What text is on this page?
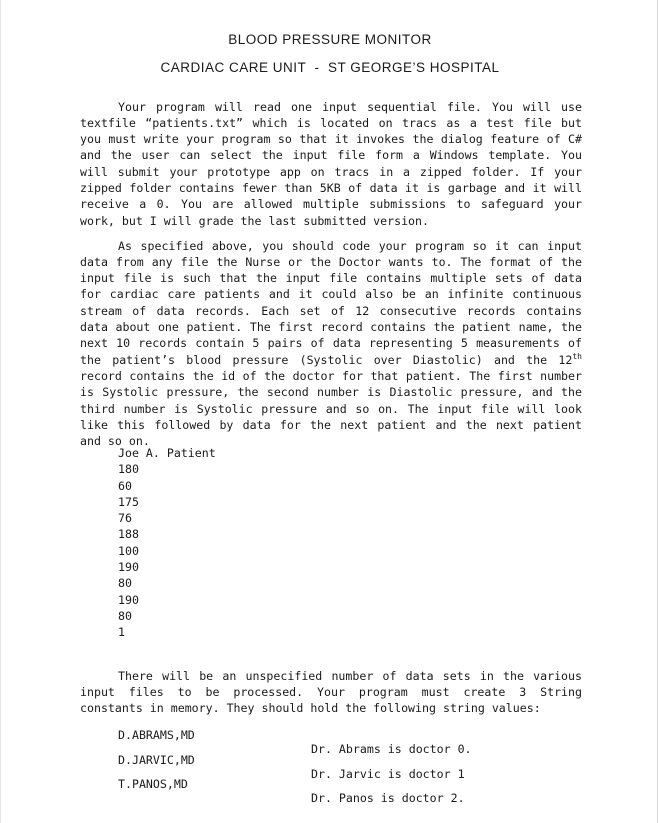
BLOOD PRESSURE MONITOR
CARDIAC CARE UNIT  -  ST GEORGE’S HOSPITAL

Your program will read one input sequential file. You will use textfile “patients.txt” which is located on tracs as a test file but you must write your program so that it invokes the dialog feature of C# and the user can select the input file form a Windows template. You will submit your prototype app on tracs in a zipped folder. If your zipped folder contains fewer than 5KB of data it is garbage and it will receive a 0. You are allowed multiple submissions to safeguard your work, but I will grade the last submitted version.

As specified above, you should code your program so it can input data from any file the Nurse or the Doctor wants to. The format of the input file is such that the input file contains multiple sets of data for cardiac care patients and it could also be an infinite continuous stream of data records. Each set of 12 consecutive records contains data about one patient. The first record contains the patient name, the next 10 records contain 5 pairs of data representing 5 measurements of the patient’s blood pressure (Systolic over Diastolic) and the 12th record contains the id of the doctor for that patient. The first number is Systolic pressure, the second number is Diastolic pressure, and the third number is Systolic pressure and so on. The input file will look like this followed by data for the next patient and the next patient and so on.

Joe A. Patient
180
60
175
76
188
100
190
80
190
80
1

There will be an unspecified number of data sets in the various input files to be processed. Your program must create 3 String constants in memory. They should hold the following string values:

D.ABRAMS,MD

Dr. Abrams is doctor 0.

D.JARVIC,MD

Dr. Jarvic is doctor 1

T.PANOS,MD

Dr. Panos is doctor 2.
